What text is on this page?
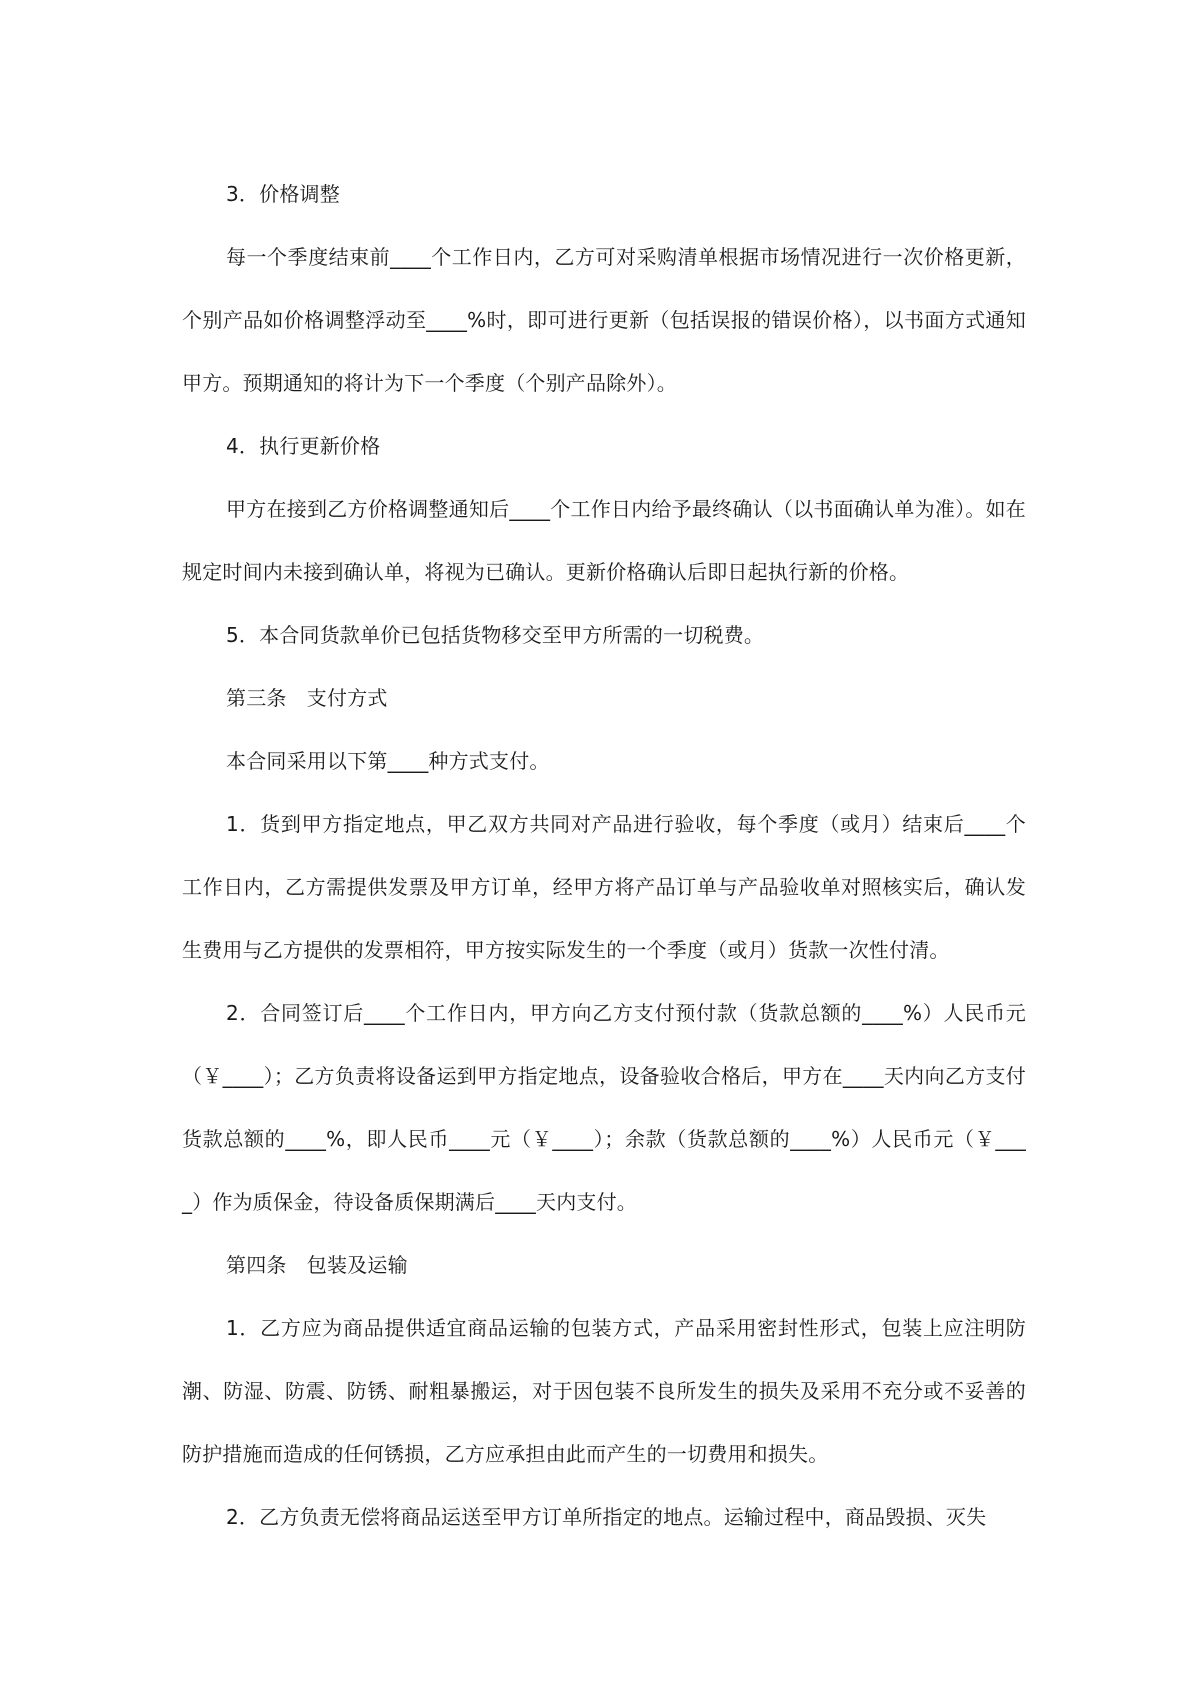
3．价格调整

每一个季度结束前____个工作日内，乙方可对采购清单根据市场情况进行一次价格更新，个别产品如价格调整浮动至____%时，即可进行更新（包括误报的错误价格），以书面方式通知甲方。预期通知的将计为下一个季度（个别产品除外）。

4．执行更新价格

甲方在接到乙方价格调整通知后____个工作日内给予最终确认（以书面确认单为准）。如在规定时间内未接到确认单，将视为已确认。更新价格确认后即日起执行新的价格。

5．本合同货款单价已包括货物移交至甲方所需的一切税费。

第三条　支付方式

本合同采用以下第____种方式支付。

1．货到甲方指定地点，甲乙双方共同对产品进行验收，每个季度（或月）结束后____个工作日内，乙方需提供发票及甲方订单，经甲方将产品订单与产品验收单对照核实后，确认发生费用与乙方提供的发票相符，甲方按实际发生的一个季度（或月）货款一次性付清。

2．合同签订后____个工作日内，甲方向乙方支付预付款（货款总额的____%）人民币元（￥____）；乙方负责将设备运到甲方指定地点，设备验收合格后，甲方在____天内向乙方支付货款总额的____%，即人民币____元（￥____）；余款（货款总额的____%）人民币元（￥____）作为质保金，待设备质保期满后____天内支付。

第四条　包装及运输

1．乙方应为商品提供适宜商品运输的包装方式，产品采用密封性形式，包装上应注明防潮、防湿、防震、防锈、耐粗暴搬运，对于因包装不良所发生的损失及采用不充分或不妥善的防护措施而造成的任何锈损，乙方应承担由此而产生的一切费用和损失。

2．乙方负责无偿将商品运送至甲方订单所指定的地点。运输过程中，商品毁损、灭失
